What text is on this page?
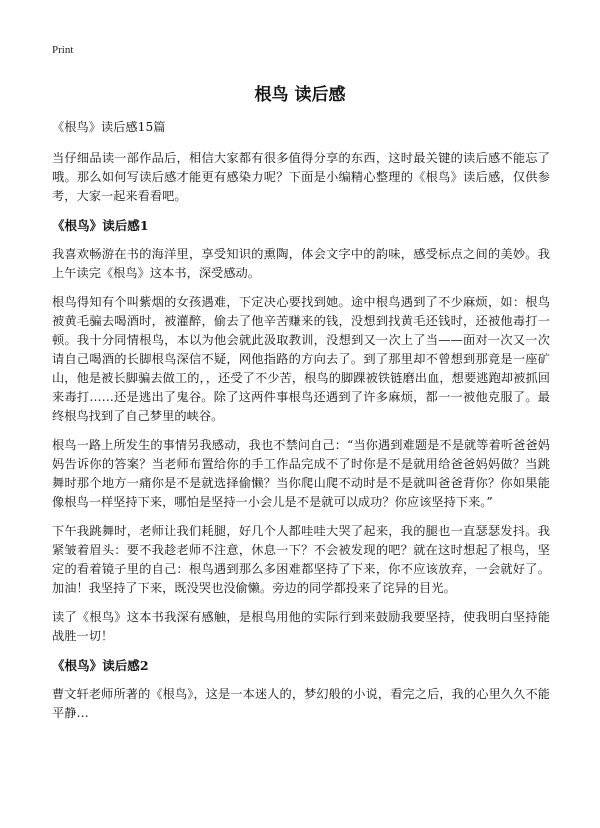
Print
根鸟 读后感

《根鸟》读后感15篇

当仔细品读一部作品后，相信大家都有很多值得分享的东西，这时最关键的读后感不能忘了哦。那么如何写读后感才能更有感染力呢？下面是小编精心整理的《根鸟》读后感，仅供参考，大家一起来看看吧。

《根鸟》读后感1

我喜欢畅游在书的海洋里，享受知识的熏陶，体会文字中的韵味，感受标点之间的美妙。我上午读完《根鸟》这本书，深受感动。

根鸟得知有个叫紫烟的女孩遇难，下定决心要找到她。途中根鸟遇到了不少麻烦，如：根鸟被黄毛骗去喝酒时，被灌醉，偷去了他辛苦赚来的钱，没想到找黄毛还钱时，还被他毒打一顿。我十分同情根鸟，本以为他会就此汲取教训，没想到又一次上了当——面对一次又一次请自己喝酒的长脚根鸟深信不疑，网他指路的方向去了。到了那里却不曾想到那竟是一座矿山，他是被长脚骗去做工的，，还受了不少苦，根鸟的脚踝被铁链磨出血，想要逃跑却被抓回来毒打……还是逃出了鬼谷。除了这两件事根鸟还遇到了许多麻烦，都一一被他克服了。最终根鸟找到了自己梦里的峡谷。

根鸟一路上所发生的事情另我感动，我也不禁问自己：“当你遇到难题是不是就等着听爸爸妈妈告诉你的答案？当老师布置给你的手工作品完成不了时你是不是就用给爸爸妈妈做？当跳舞时那个地方一痛你是不是就选择偷懒？当你爬山爬不动时是不是就叫爸爸背你？你如果能像根鸟一样坚持下来，哪怕是坚持一小会儿是不是就可以成功？你应该坚持下来。”

下午我跳舞时，老师让我们耗腿，好几个人都哇哇大哭了起来，我的腿也一直瑟瑟发抖。我紧皱着眉头：要不我趁老师不注意，休息一下？不会被发现的吧？就在这时想起了根鸟，坚定的看着镜子里的自己：根鸟遇到那么多困难都坚持了下来，你不应该放弃，一会就好了。加油！我坚持了下来，既没哭也没偷懒。旁边的同学都投来了诧异的目光。

读了《根鸟》这本书我深有感触，是根鸟用他的实际行到来鼓励我要坚持，使我明白坚持能战胜一切！

《根鸟》读后感2

曹文轩老师所著的《根鸟》，这是一本迷人的，梦幻般的小说，看完之后，我的心里久久不能平静…
